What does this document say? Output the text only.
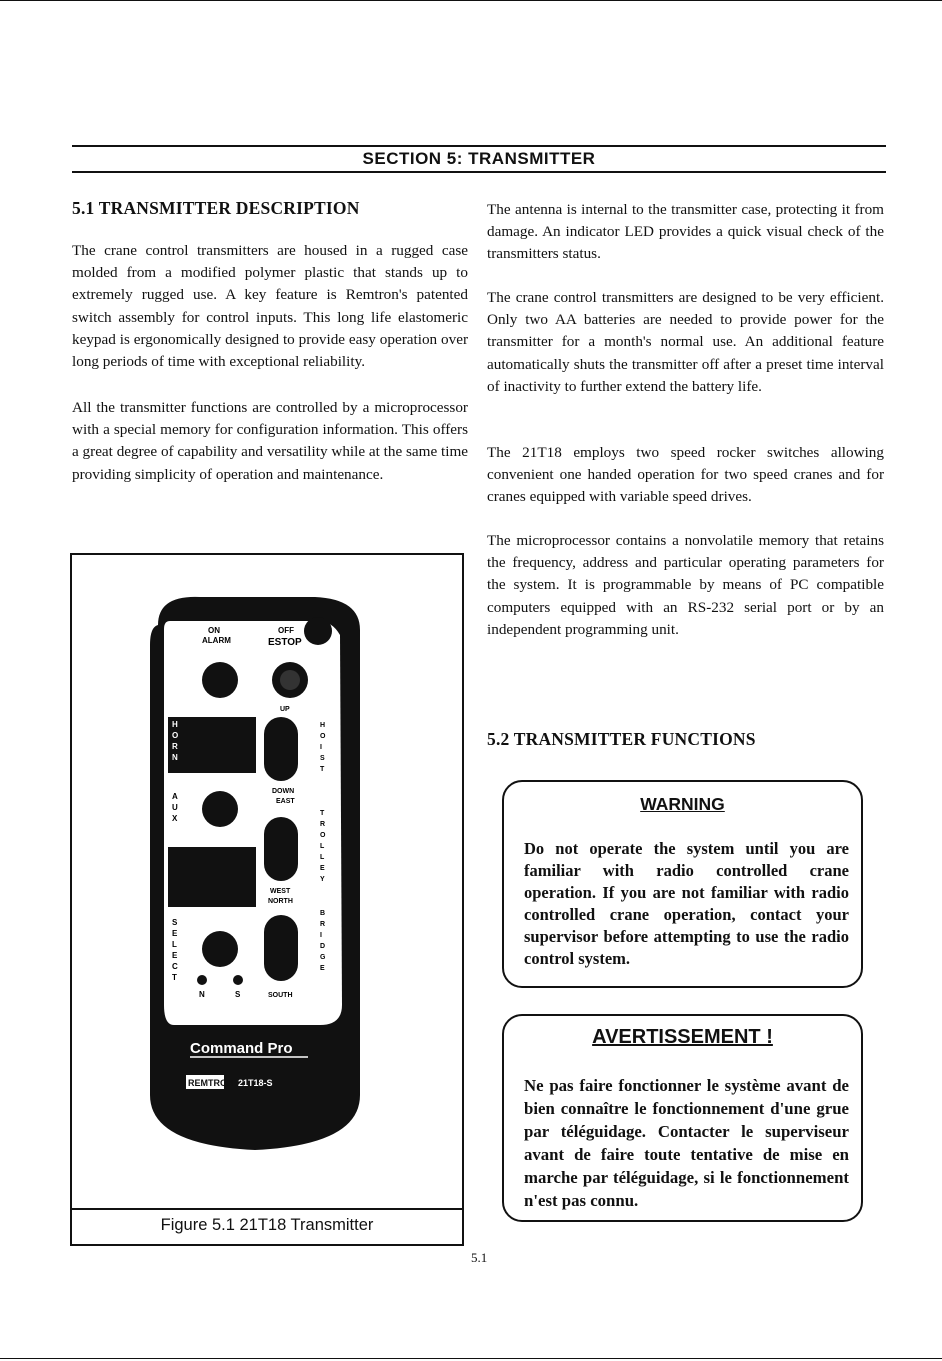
SECTION 5: TRANSMITTER
5.1 TRANSMITTER DESCRIPTION

The crane control transmitters are housed in a rugged case molded from a modified polymer plastic that stands up to extremely rugged use. A key feature is Remtron's patented switch assembly for control inputs. This long life elastomeric keypad is ergonomically designed to provide easy operation over long periods of time with exceptional reliability.

All the transmitter functions are controlled by a microprocessor with a special memory for configuration information. This offers a great degree of capability and versatility while at the same time providing simplicity of operation and maintenance.

ON
ALARM
OFF
ESTOP
UP
H
O
R
N
H
O
I
S
T
DOWN
EAST
A
U
X
T
R
O
L
L
E
Y
WEST
NORTH
S
E
L
E
C
T
N	S
B
R
I
D
G
E
SOUTH
Command Pro
REMTRON 21T18-S
Figure 5.1 21T18 Transmitter

The antenna is internal to the transmitter case, protecting it from damage. An indicator LED provides a quick visual check of the transmitters status.

The crane control transmitters are designed to be very efficient. Only two AA batteries are needed to provide power for the transmitter for a month's normal use. An additional feature automatically shuts the transmitter off after a preset time interval of inactivity to further extend the battery life.

The 21T18 employs two speed rocker switches allowing convenient one handed operation for two speed cranes and for cranes equipped with variable speed drives.

The microprocessor contains a nonvolatile memory that retains the frequency, address and particular operating parameters for the system. It is programmable by means of PC compatible computers equipped with an RS-232 serial port or by an independent programming unit.

5.2 TRANSMITTER FUNCTIONS
WARNING

Do not operate the system until you are familiar with radio controlled crane operation. If you are not familiar with radio controlled crane operation, contact your supervisor before attempting to use the radio control system.

AVERTISSEMENT !

Ne pas faire fonctionner le système avant de bien connaître le fonctionnement d'une grue par téléguidage. Contacter le superviseur avant de faire toute tentative de mise en marche par téléguidage, si le fonctionnement n'est pas connu.

5.1
